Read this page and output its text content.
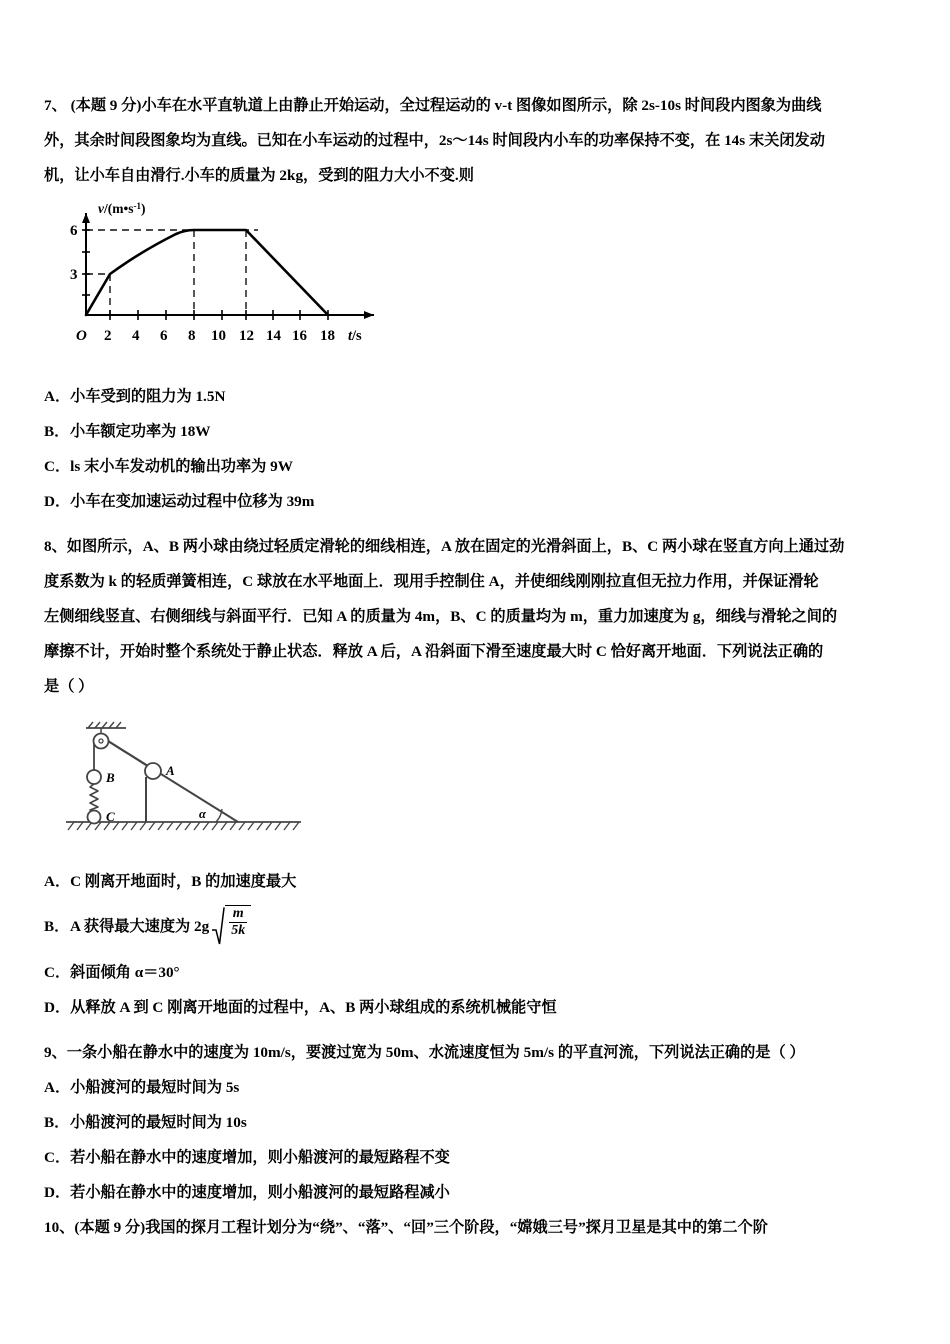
7、 (本题 9 分)小车在水平直轨道上由静止开始运动，全过程运动的 v-t 图像如图所示，除 2s-10s 时间段内图象为曲线
外，其余时间段图象均为直线。已知在小车运动的过程中，2s～14s 时间段内小车的功率保持不变，在 14s 末关闭发动
机，让小车自由滑行.小车的质量为 2kg，受到的阻力大小不变.则
$v/(m•s^{-1})$
6
3
O 2 4 6 8 10 12 14 16 18 t/s
A．小车受到的阻力为 1.5N
B．小车额定功率为 18W
C．ls 末小车发动机的输出功率为 9W
D．小车在变加速运动过程中位移为 39m
8、如图所示，A、B 两小球由绕过轻质定滑轮的细线相连，A 放在固定的光滑斜面上，B、C 两小球在竖直方向上通过劲
度系数为 k 的轻质弹簧相连，C 球放在水平地面上．现用手控制住 A，并使细线刚刚拉直但无拉力作用，并保证滑轮
左侧细线竖直、右侧细线与斜面平行．已知 A 的质量为 4m，B、C 的质量均为 m，重力加速度为 g，细线与滑轮之间的
摩擦不计，开始时整个系统处于静止状态．释放 A 后，A 沿斜面下滑至速度最大时 C 恰好离开地面．下列说法正确的
是（ ）
A
B
C	α
A．C 刚离开地面时，B 的加速度最大
B．A 获得最大速度为 $2g \frac{m}{5k}$
C．斜面倾角 α＝30°
D．从释放 A 到 C 刚离开地面的过程中，A、B 两小球组成的系统机械能守恒
9、一条小船在静水中的速度为 10m/s，要渡过宽为 50m、水流速度恒为 5m/s 的平直河流，下列说法正确的是（ ）
A．小船渡河的最短时间为 5s
B．小船渡河的最短时间为 10s
C．若小船在静水中的速度增加，则小船渡河的最短路程不变
D．若小船在静水中的速度增加，则小船渡河的最短路程减小
10、(本题 9 分)我国的探月工程计划分为“绕”、“落”、“回”三个阶段，“嫦娥三号”探月卫星是其中的第二个阶
